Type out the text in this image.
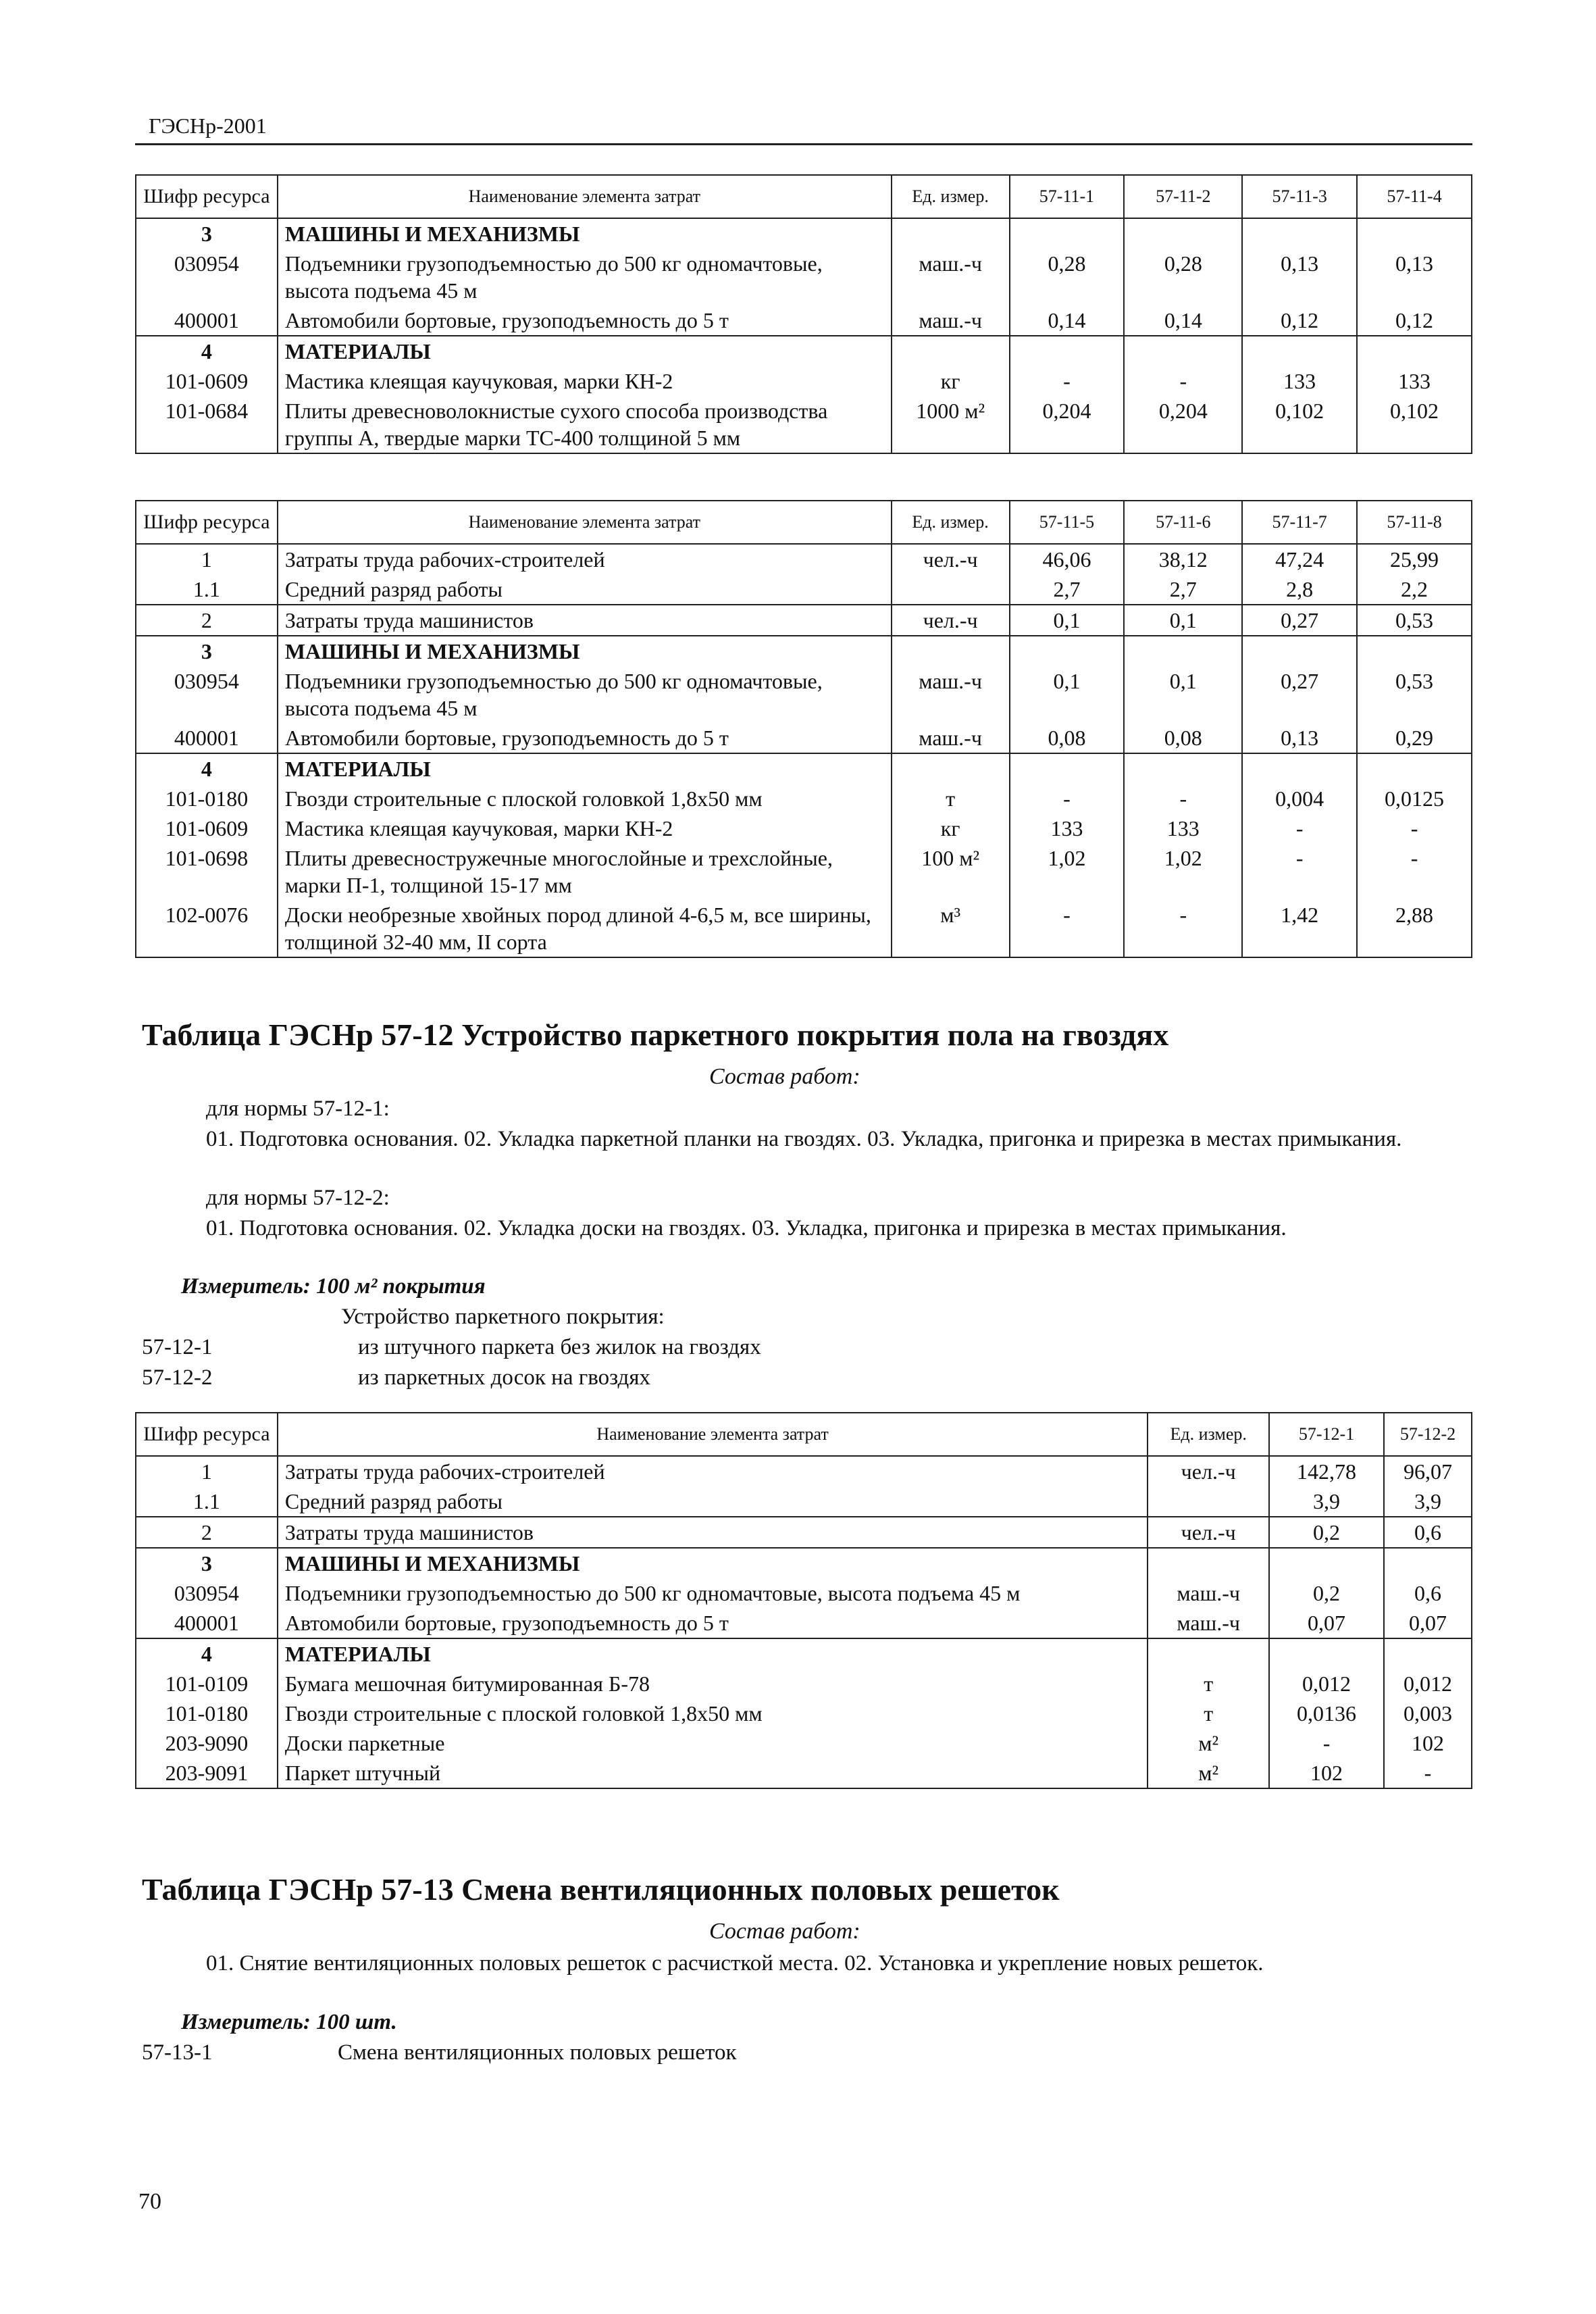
ГЭСНр-2001
Шифр ресурса	Наименование элемента затрат	Ед. измер.	57-11-1	57-11-2	57-11-3	57-11-4
3	МАШИНЫ И МЕХАНИЗМЫ					
030954	Подъемники грузоподъемностью до 500 кг одномачтовые, высота подъема 45 м	маш.-ч	0,28	0,28	0,13	0,13
400001	Автомобили бортовые, грузоподъемность до 5 т	маш.-ч	0,14	0,14	0,12	0,12
4	МАТЕРИАЛЫ					
101-0609	Мастика клеящая каучуковая, марки КН-2	кг	-	-	133	133
101-0684	Плиты древесноволокнистые сухого способа производства группы А, твердые марки ТС-400 толщиной 5 мм	1000 м²	0,204	0,204	0,102	0,102
Шифр ресурса	Наименование элемента затрат	Ед. измер.	57-11-5	57-11-6	57-11-7	57-11-8
1	Затраты труда рабочих-строителей	чел.-ч	46,06	38,12	47,24	25,99
1.1	Средний разряд работы		2,7	2,7	2,8	2,2
2	Затраты труда машинистов	чел.-ч	0,1	0,1	0,27	0,53
3	МАШИНЫ И МЕХАНИЗМЫ					
030954	Подъемники грузоподъемностью до 500 кг одномачтовые, высота подъема 45 м	маш.-ч	0,1	0,1	0,27	0,53
400001	Автомобили бортовые, грузоподъемность до 5 т	маш.-ч	0,08	0,08	0,13	0,29
4	МАТЕРИАЛЫ					
101-0180	Гвозди строительные с плоской головкой 1,8х50 мм	т	-	-	0,004	0,0125
101-0609	Мастика клеящая каучуковая, марки КН-2	кг	133	133	-	-
101-0698	Плиты древесностружечные многослойные и трехслойные, марки П-1, толщиной 15-17 мм	100 м²	1,02	1,02	-	-
102-0076	Доски необрезные хвойных пород длиной 4-6,5 м, все ширины, толщиной 32-40 мм, II сорта	м³	-	-	1,42	2,88
Таблица ГЭСНр 57-12 Устройство паркетного покрытия пола на гвоздях
Состав работ:
для нормы 57-12-1:
01. Подготовка основания. 02. Укладка паркетной планки на гвоздях. 03. Укладка, пригонка и прирезка в местах примыкания.
для нормы 57-12-2:
01. Подготовка основания. 02. Укладка доски на гвоздях. 03. Укладка, пригонка и прирезка в местах примыкания.
Измеритель: 100 м² покрытия
Устройство паркетного покрытия:
57-12-1	из штучного паркета без жилок на гвоздях
57-12-2	из паркетных досок на гвоздях
Шифр ресурса	Наименование элемента затрат	Ед. измер.	57-12-1	57-12-2
1	Затраты труда рабочих-строителей	чел.-ч	142,78	96,07
1.1	Средний разряд работы		3,9	3,9
2	Затраты труда машинистов	чел.-ч	0,2	0,6
3	МАШИНЫ И МЕХАНИЗМЫ			
030954	Подъемники грузоподъемностью до 500 кг одномачтовые, высота подъема 45 м	маш.-ч	0,2	0,6
400001	Автомобили бортовые, грузоподъемность до 5 т	маш.-ч	0,07	0,07
4	МАТЕРИАЛЫ			
101-0109	Бумага мешочная битумированная Б-78	т	0,012	0,012
101-0180	Гвозди строительные с плоской головкой 1,8х50 мм	т	0,0136	0,003
203-9090	Доски паркетные	м²	-	102
203-9091	Паркет штучный	м²	102	-
Таблица ГЭСНр 57-13 Смена вентиляционных половых решеток
Состав работ:
01. Снятие вентиляционных половых решеток с расчисткой места. 02. Установка и укрепление новых решеток.
Измеритель: 100 шт.
57-13-1	Смена вентиляционных половых решеток
70
